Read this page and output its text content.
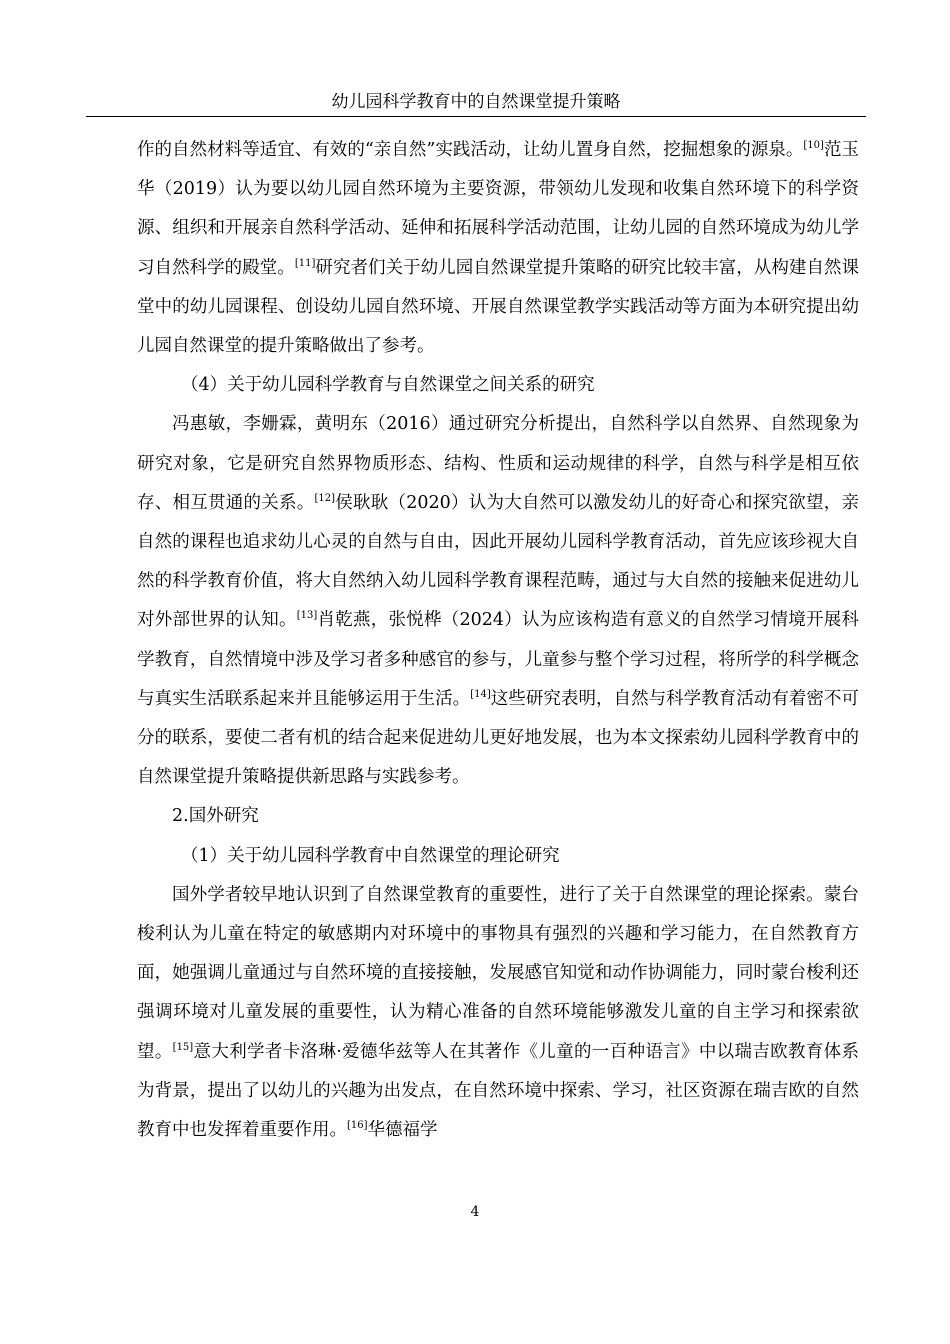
幼儿园科学教育中的自然课堂提升策略

作的自然材料等适宜、有效的“亲自然”实践活动，让幼儿置身自然，挖掘想象的源泉。[10]范玉华（2019）认为要以幼儿园自然环境为主要资源，带领幼儿发现和收集自然环境下的科学资源、组织和开展亲自然科学活动、延伸和拓展科学活动范围，让幼儿园的自然环境成为幼儿学习自然科学的殿堂。[11]研究者们关于幼儿园自然课堂提升策略的研究比较丰富，从构建自然课堂中的幼儿园课程、创设幼儿园自然环境、开展自然课堂教学实践活动等方面为本研究提出幼儿园自然课堂的提升策略做出了参考。

（4）关于幼儿园科学教育与自然课堂之间关系的研究

冯惠敏，李姗霖，黄明东（2016）通过研究分析提出，自然科学以自然界、自然现象为研究对象，它是研究自然界物质形态、结构、性质和运动规律的科学，自然与科学是相互依存、相互贯通的关系。[12]侯耿耿（2020）认为大自然可以激发幼儿的好奇心和探究欲望，亲自然的课程也追求幼儿心灵的自然与自由，因此开展幼儿园科学教育活动，首先应该珍视大自然的科学教育价值，将大自然纳入幼儿园科学教育课程范畴，通过与大自然的接触来促进幼儿对外部世界的认知。[13]肖乾燕，张悦桦（2024）认为应该构造有意义的自然学习情境开展科学教育，自然情境中涉及学习者多种感官的参与，儿童参与整个学习过程，将所学的科学概念与真实生活联系起来并且能够运用于生活。[14]这些研究表明，自然与科学教育活动有着密不可分的联系，要使二者有机的结合起来促进幼儿更好地发展，也为本文探索幼儿园科学教育中的自然课堂提升策略提供新思路与实践参考。

2.国外研究

（1）关于幼儿园科学教育中自然课堂的理论研究

国外学者较早地认识到了自然课堂教育的重要性，进行了关于自然课堂的理论探索。蒙台梭利认为儿童在特定的敏感期内对环境中的事物具有强烈的兴趣和学习能力，在自然教育方面，她强调儿童通过与自然环境的直接接触，发展感官知觉和动作协调能力，同时蒙台梭利还强调环境对儿童发展的重要性，认为精心准备的自然环境能够激发儿童的自主学习和探索欲望。[15]意大利学者卡洛琳·爱德华兹等人在其著作《儿童的一百种语言》中以瑞吉欧教育体系为背景，提出了以幼儿的兴趣为出发点，在自然环境中探索、学习，社区资源在瑞吉欧的自然教育中也发挥着重要作用。[16]华德福学

4
